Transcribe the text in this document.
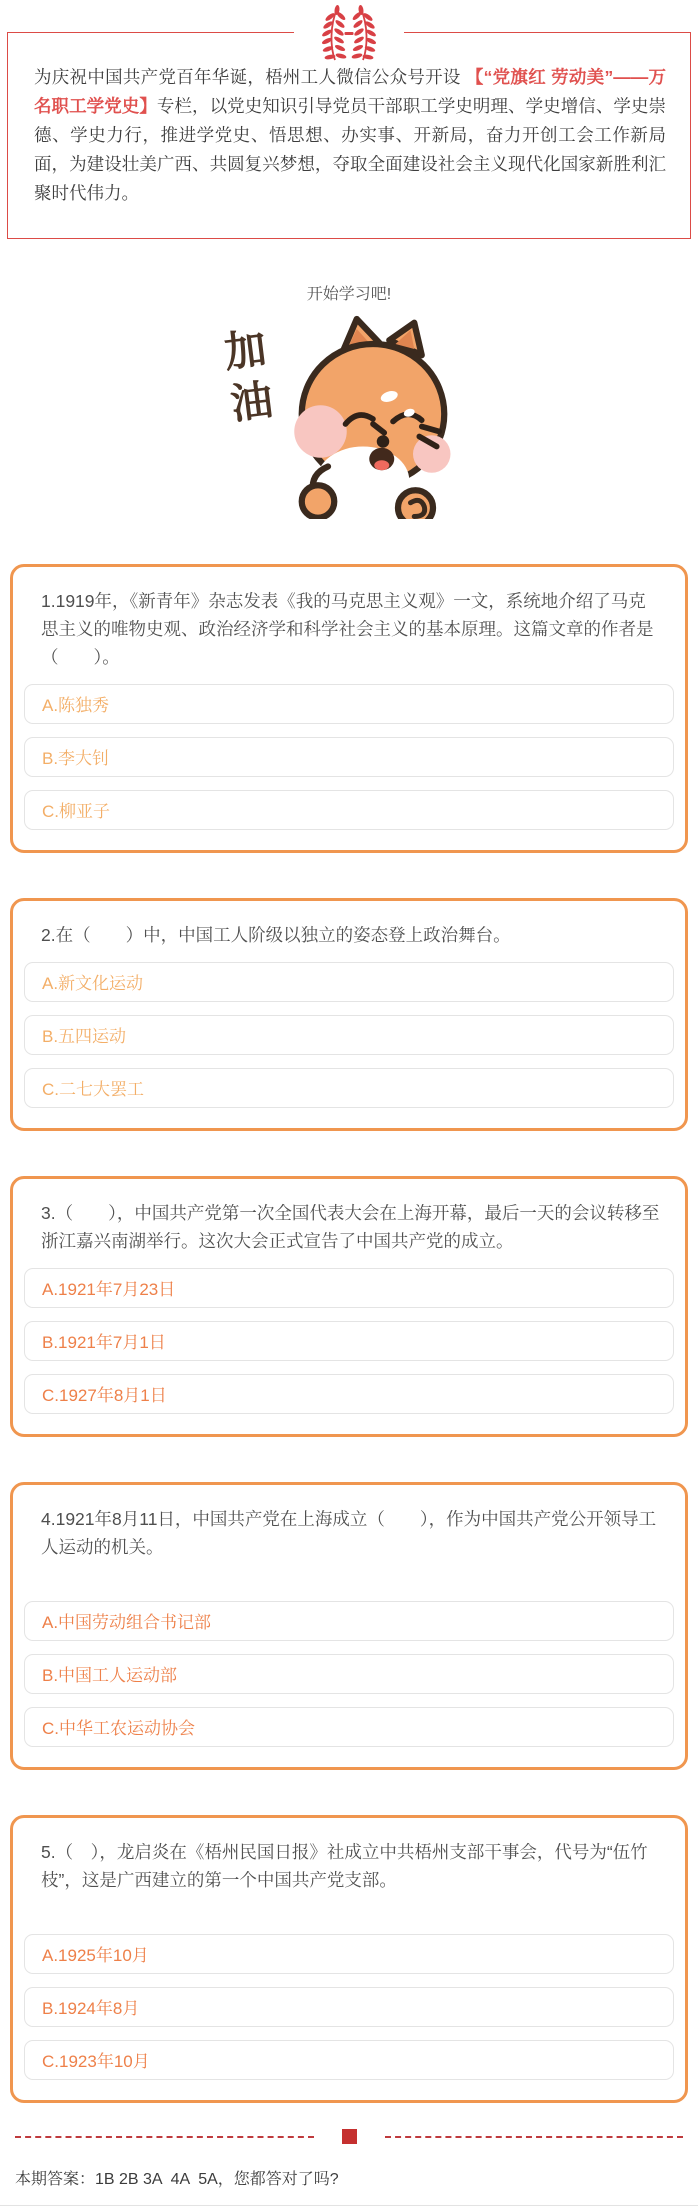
为庆祝中国共产党百年华诞，梧州工人微信公众号开设 【“党旗红 劳动美”——万名职工学党史】专栏，以党史知识引导党员干部职工学史明理、学史增信、学史崇德、学史力行，推进学党史、悟思想、办实事、开新局，奋力开创工会工作新局面，为建设壮美广西、共圆复兴梦想，夺取全面建设社会主义现代化国家新胜利汇聚时代伟力。

开始学习吧!
加油

1.1919年，《新青年》杂志发表《我的马克思主义观》一文，系统地介绍了马克思主义的唯物史观、政治经济学和科学社会主义的基本原理。这篇文章的作者是（　　）。

A.陈独秀
B.李大钊
C.柳亚子

2.在（　　）中，中国工人阶级以独立的姿态登上政治舞台。

A.新文化运动
B.五四运动
C.二七大罢工

3.（　　），中国共产党第一次全国代表大会在上海开幕，最后一天的会议转移至浙江嘉兴南湖举行。这次大会正式宣告了中国共产党的成立。

A.1921年7月23日
B.1921年7月1日
C.1927年8月1日

4.1921年8月11日，中国共产党在上海成立（　　），作为中国共产党公开领导工人运动的机关。

A.中国劳动组合书记部
B.中国工人运动部
C.中华工农运动协会

5.（　），龙启炎在《梧州民国日报》社成立中共梧州支部干事会，代号为“伍竹枝”，这是广西建立的第一个中国共产党支部。

A.1925年10月
B.1924年8月
C.1923年10月

本期答案：1B 2B 3A  4A  5A，您都答对了吗?
